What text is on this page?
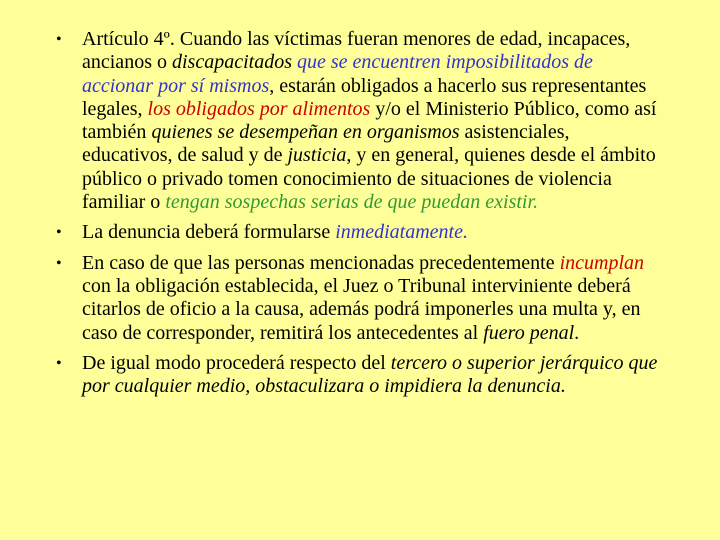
•	Artículo 4º. Cuando las víctimas fueran menores de edad, incapaces, ancianos o discapacitados que se encuentren imposibilitados de accionar por sí mismos, estarán obligados a hacerlo sus representantes legales, los obligados por alimentos y/o el Ministerio Público, como así también quienes se desempeñan en organismos asistenciales, educativos, de salud y de justicia, y en general, quienes desde el ámbito público o privado tomen conocimiento de situaciones de violencia familiar o tengan sospechas serias de que puedan existir.
•	La denuncia deberá formularse inmediatamente.
•	En caso de que las personas mencionadas precedentemente incumplan con la obligación establecida, el Juez o Tribunal interviniente deberá citarlos de oficio a la causa, además podrá imponerles una multa y, en caso de corresponder, remitirá los antecedentes al fuero penal.
•	De igual modo procederá respecto del tercero o superior jerárquico que por cualquier medio, obstaculizara o impidiera la denuncia.
